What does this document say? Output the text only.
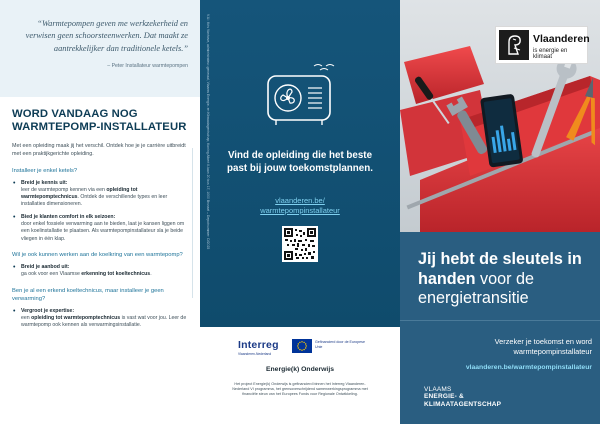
“Warmtepompen geven me werkzekerheid en verwisen geen schoorsteenwerken. Dat maakt ze aantrekkelijker dan traditionele ketels.”

– Peter Installateur warmtepompen

WORD VANDAAG NOG WARMTEPOMP-INSTALLATEUR

Met een opleiding maak jij het verschil. Ontdek hoe je je carrière uitbreidt met een praktijkgerichte opleiding.

Installeer je enkel ketels?

• Breid je kennis uit:
leer de warmtepomp kennen via een opleiding tot warmtepomptechnicus. Ontdek de verschillende types en leer installaties dimensioneren.
• Bied je klanten comfort in elk seizoen:
door enkel fossiele verwarming aan te bieden, laat je kansen liggen om een koelinstallatie te plaatsen. Als warmtepompinstallateur sla je beide vliegen in één klap.

Wil je ook kunnen werken aan de koelkring van een warmtepomp?

• Breid je aanbod uit:
ga ook voor een Vlaamse erkenning tot koeltechnicus.

Ben je al een erkend koeltechnicus, maar installeer je geen verwarming?

• Vergroot je expertise:
een opleiding tot warmtepomptechnicus is vast wat voor jou. Leer de warmtepomp ook kennen als verwarmingsinstallatie.
V.U.: Kris Vanhove, administrateur-generaal, Vlaams Energie- en Klimaatagentschap, Koning Albert II-laan 20 bus 17, 1000 Brussel – Depotnummer: D/2025	Vind de opleiding die het beste past bij jouw toekomstplannen.

vlaanderen.be/
warmtepompinstallateur
Interreg
Vlaanderen-Nederland
Gefinancierd door de Europese Unie
Energie(k) Onderwijs
Het project Energie(k) Onderwijs is gefinancierd binnen het Interreg Vlaanderen-Nederland VI programma, het grensoverschrijdend samenwerkingsprogramma met financiële steun van het Europees Fonds voor Regionale Ontwikkeling.
Vlaanderen
is energie en klimaat
Jij hebt de sleutels in handen voor de energietransitie

Verzeker je toekomst en word warmtepompinstallateur

vlaanderen.be/warmtepompinstallateur
VLAAMS
ENERGIE- &
KLIMAATAGENTSCHAP
